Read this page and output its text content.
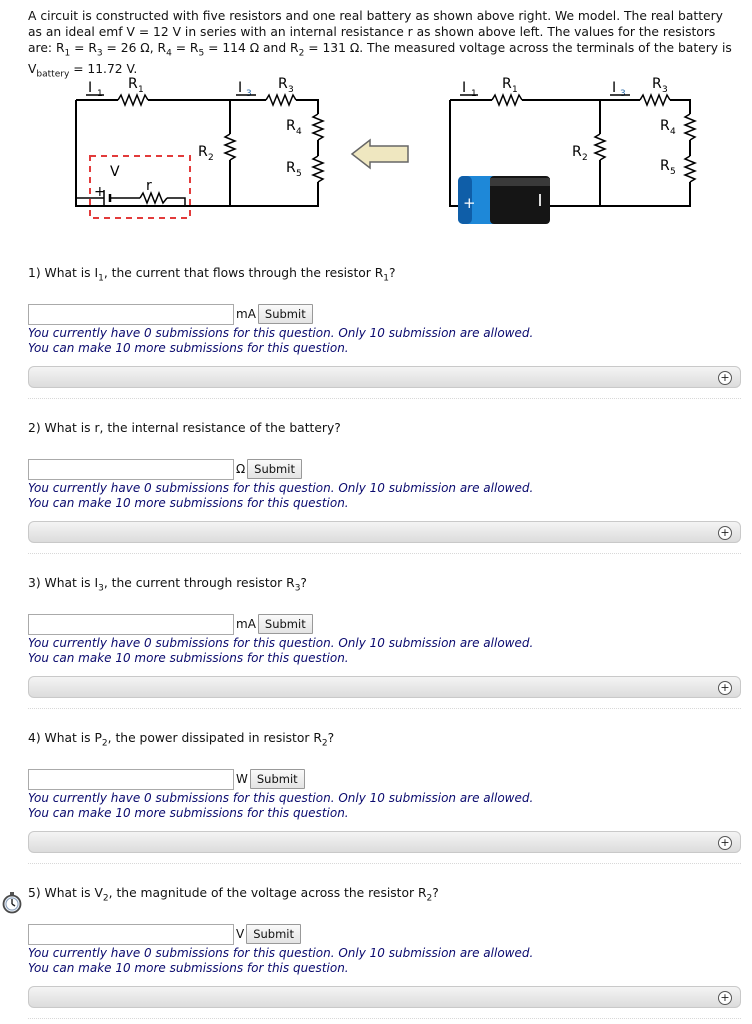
A circuit is constructed with five resistors and one real battery as shown above right. We model. The real battery as an ideal emf V = 12 V in series with an internal resistance r as shown above left. The values for the resistors are: $R_1 = R_3 = 26$ Ω, $R_4 = R_5 = 114$ Ω and $R_2 = 131$ Ω. The measured voltage across the terminals of the batery is $V_{battery} = 11.72$ V.
I 1
R 1	I 3
R 3
R 4
R 2
R 5
V
r
+
I 1
R 1	I 3
R 3
R 4
R 2	R 5
+
1) What is $I_1$, the current that flows through the resistor $R_1$?
mA Submit
You currently have 0 submissions for this question. Only 10 submission are allowed.
You can make 10 more submissions for this question.
+
2) What is r, the internal resistance of the battery?
Ω Submit
You currently have 0 submissions for this question. Only 10 submission are allowed.
You can make 10 more submissions for this question.
+
3) What is $I_3$, the current through resistor $R_3$?
mA Submit
You currently have 0 submissions for this question. Only 10 submission are allowed.
You can make 10 more submissions for this question.
+
4) What is $P_2$, the power dissipated in resistor $R_2$?
W Submit
You currently have 0 submissions for this question. Only 10 submission are allowed.
You can make 10 more submissions for this question.
+
5) What is $V_2$, the magnitude of the voltage across the resistor $R_2$?
V Submit
You currently have 0 submissions for this question. Only 10 submission are allowed.
You can make 10 more submissions for this question.
+
